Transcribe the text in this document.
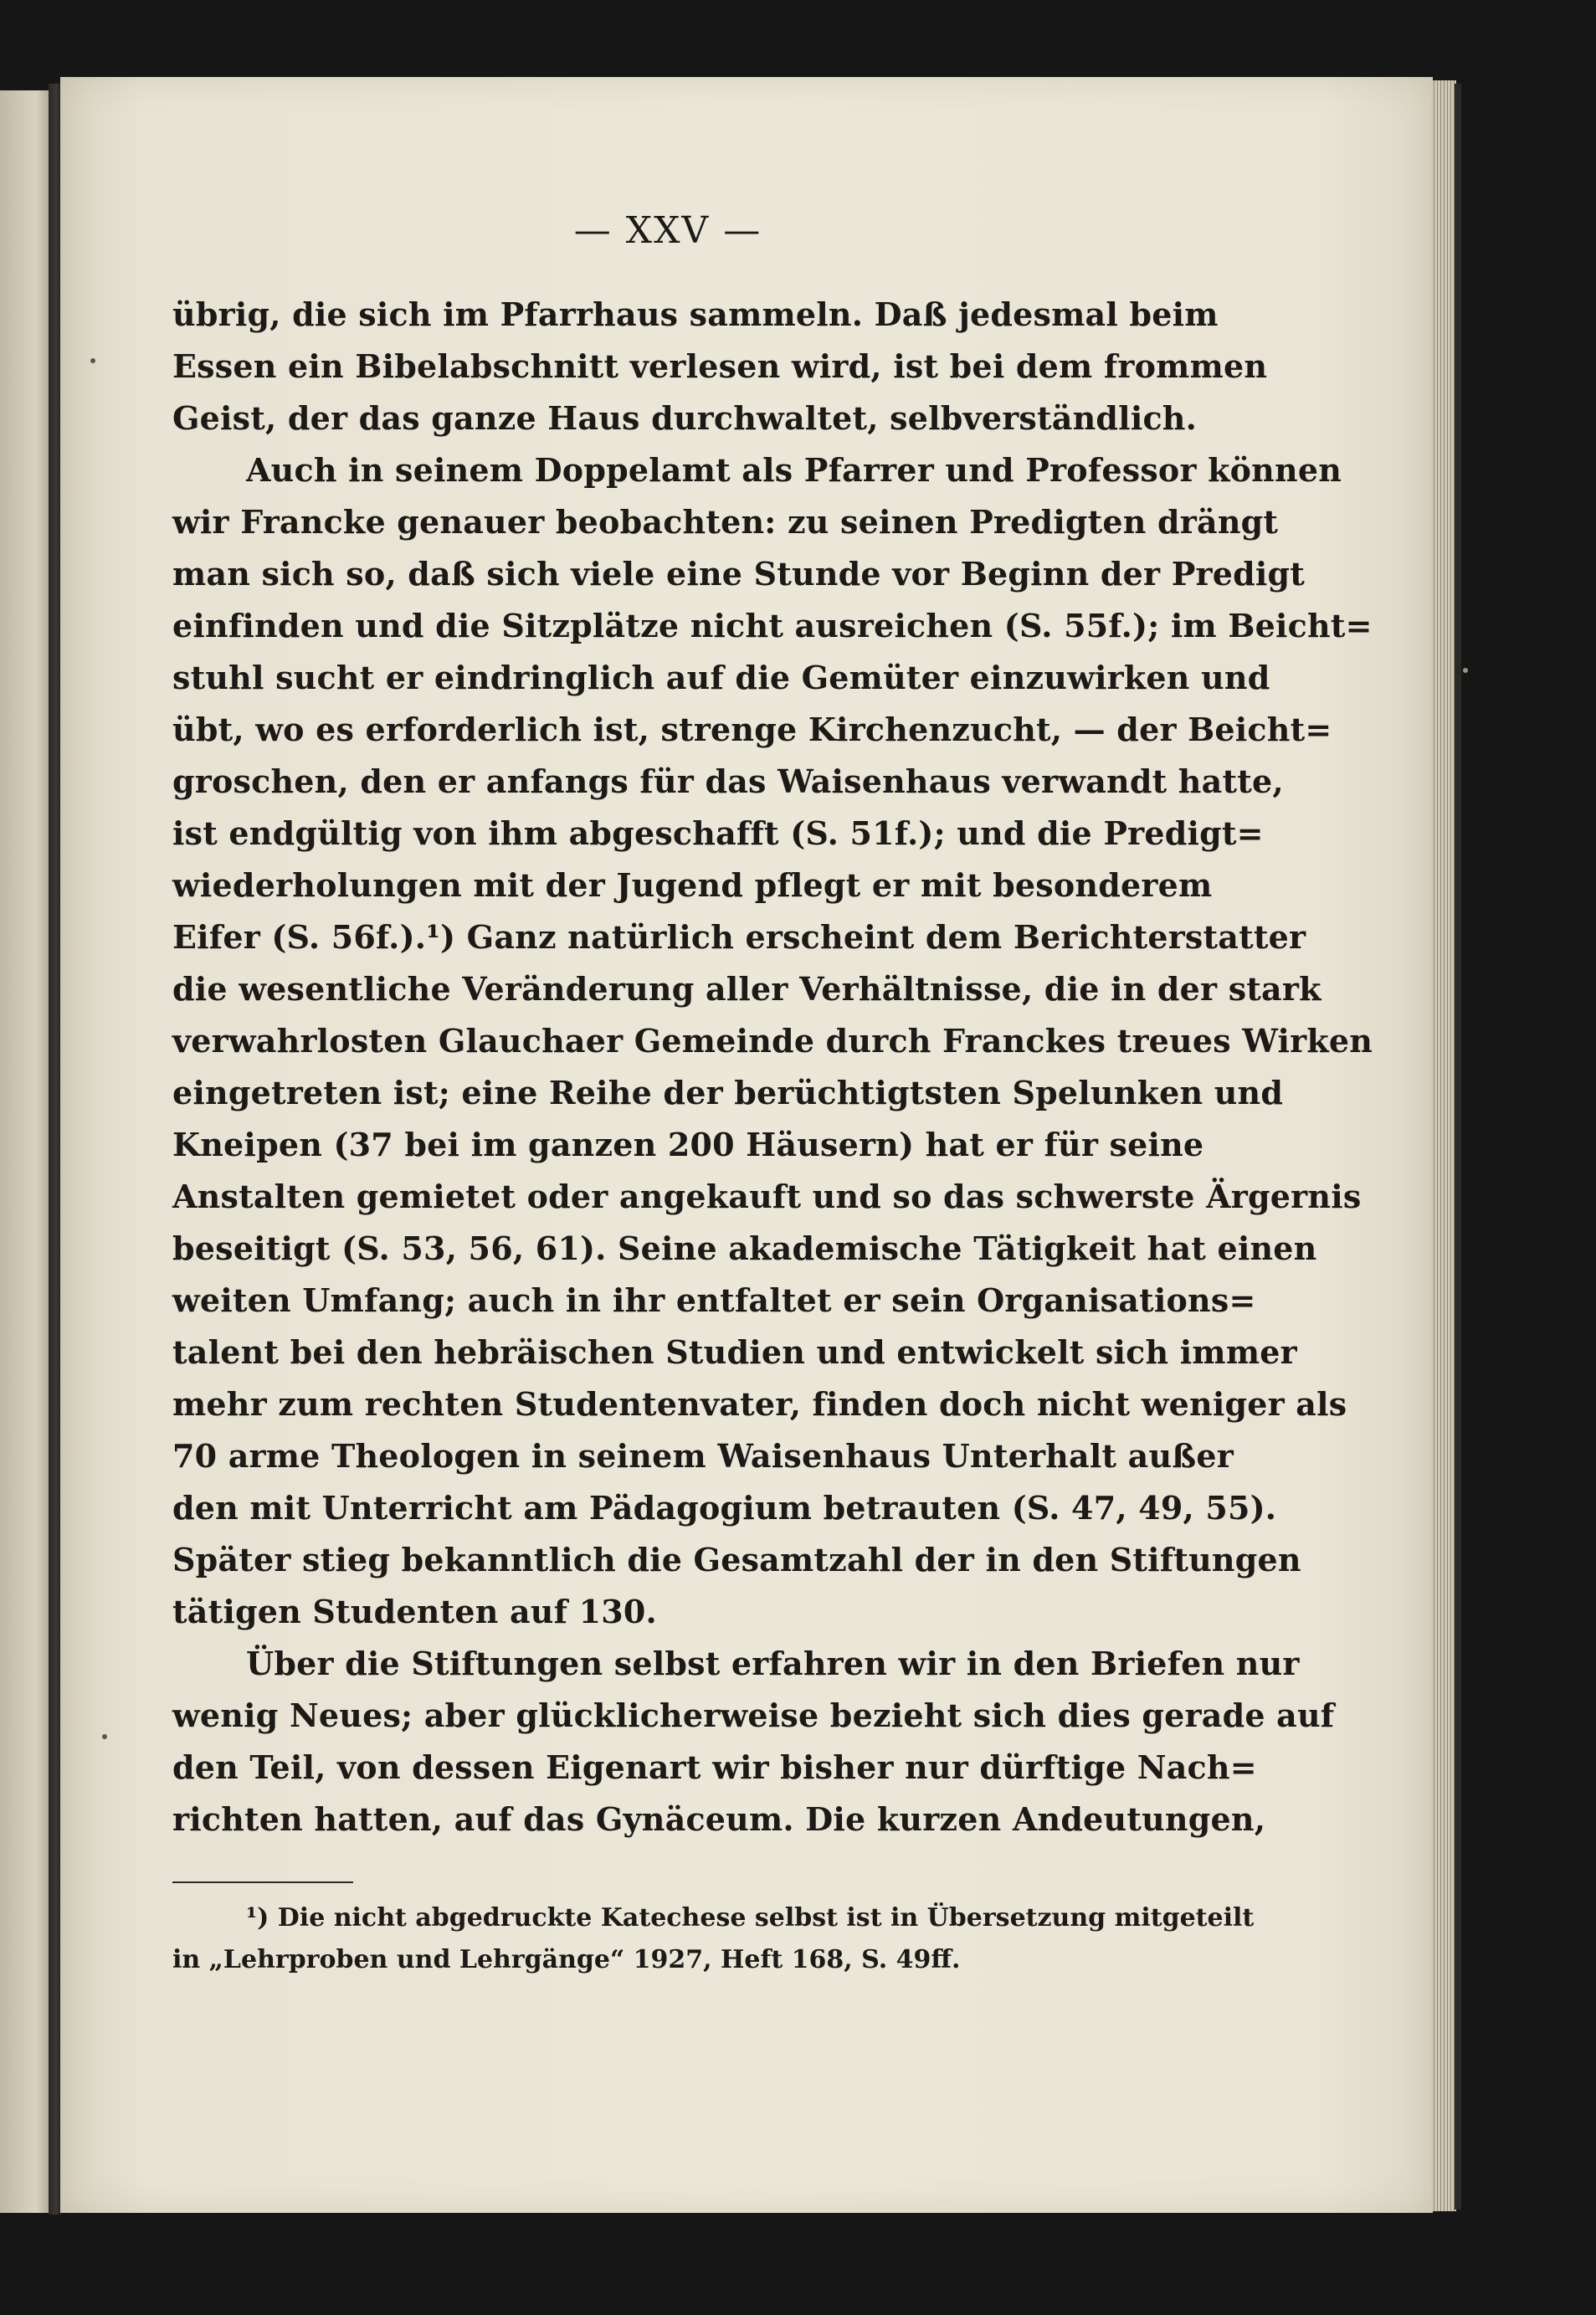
— XXV —
übrig, die sich im Pfarrhaus sammeln. Daß jedesmal beim
Essen ein Bibelabschnitt verlesen wird, ist bei dem frommen
Geist, der das ganze Haus durchwaltet, selbverständlich.
Auch in seinem Doppelamt als Pfarrer und Professor können
wir Francke genauer beobachten: zu seinen Predigten drängt
man sich so, daß sich viele eine Stunde vor Beginn der Predigt
einfinden und die Sitzplätze nicht ausreichen (S. 55f.); im Beicht=
stuhl sucht er eindringlich auf die Gemüter einzuwirken und
übt, wo es erforderlich ist, strenge Kirchenzucht, — der Beicht=
groschen, den er anfangs für das Waisenhaus verwandt hatte,
ist endgültig von ihm abgeschafft (S. 51f.); und die Predigt=
wiederholungen mit der Jugend pflegt er mit besonderem
Eifer (S. 56f.).¹) Ganz natürlich erscheint dem Berichterstatter
die wesentliche Veränderung aller Verhältnisse, die in der stark
verwahrlosten Glauchaer Gemeinde durch Franckes treues Wirken
eingetreten ist; eine Reihe der berüchtigtsten Spelunken und
Kneipen (37 bei im ganzen 200 Häusern) hat er für seine
Anstalten gemietet oder angekauft und so das schwerste Ärgernis
beseitigt (S. 53, 56, 61). Seine akademische Tätigkeit hat einen
weiten Umfang; auch in ihr entfaltet er sein Organisations=
talent bei den hebräischen Studien und entwickelt sich immer
mehr zum rechten Studentenvater, finden doch nicht weniger als
70 arme Theologen in seinem Waisenhaus Unterhalt außer
den mit Unterricht am Pädagogium betrauten (S. 47, 49, 55).
Später stieg bekanntlich die Gesamtzahl der in den Stiftungen
tätigen Studenten auf 130.
Über die Stiftungen selbst erfahren wir in den Briefen nur
wenig Neues; aber glücklicherweise bezieht sich dies gerade auf
den Teil, von dessen Eigenart wir bisher nur dürftige Nach=
richten hatten, auf das Gynäceum. Die kurzen Andeutungen,
¹) Die nicht abgedruckte Katechese selbst ist in Übersetzung mitgeteilt
in „Lehrproben und Lehrgänge“ 1927, Heft 168, S. 49ff.
